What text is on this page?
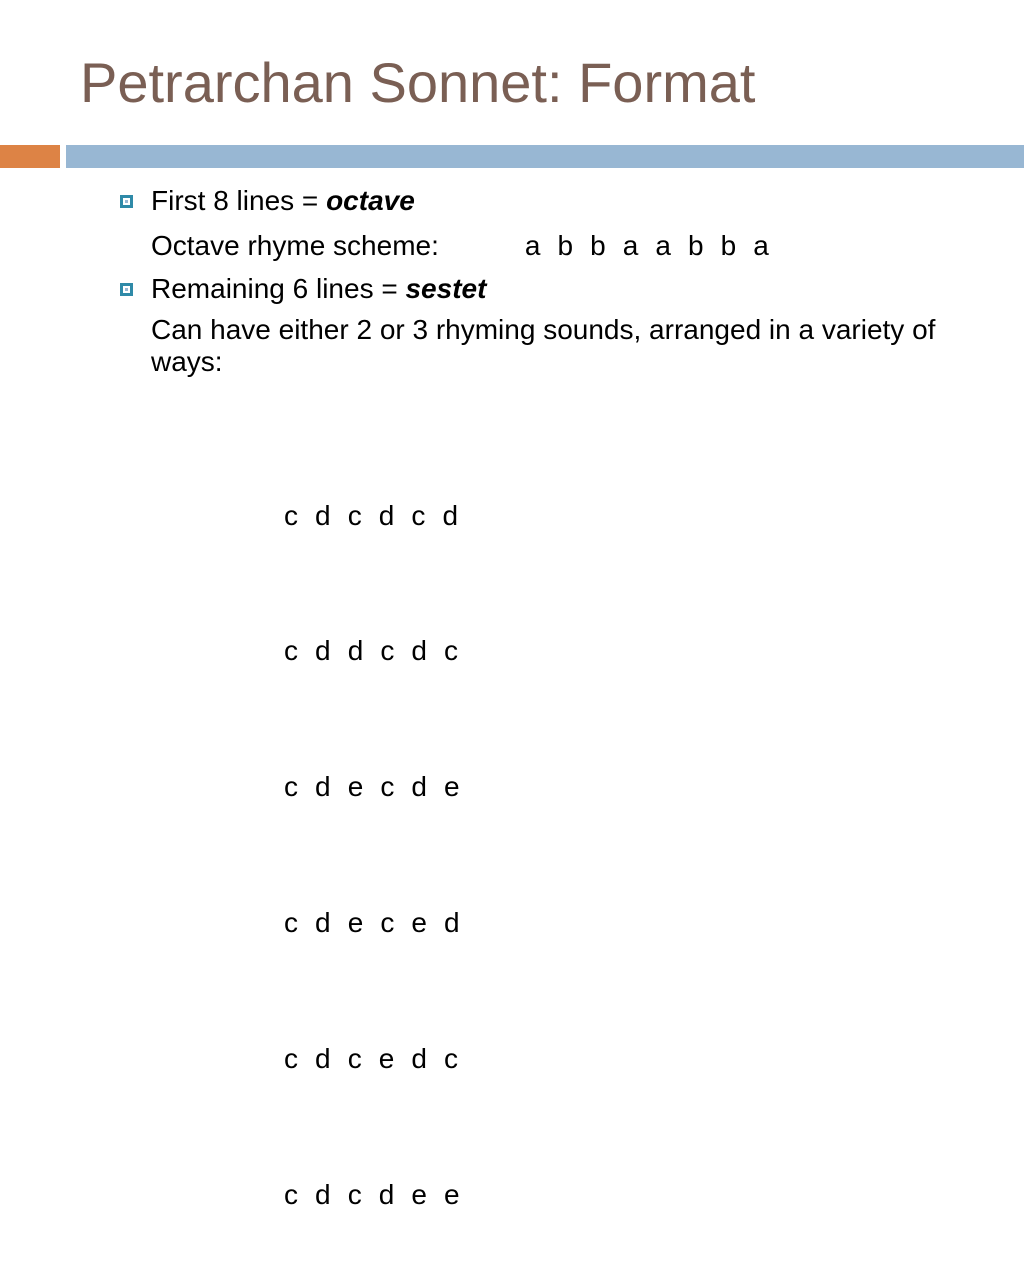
Petrarchan Sonnet: Format
First 8 lines = octave
Octave rhyme scheme:	a  b  b  a  a  b  b  a
Remaining 6 lines = sestet
Can have either 2 or 3 rhyming sounds, arranged in a variety of ways:

c  d  c  d  c  d

c  d  d  c  d  c

c  d  e  c  d  e

c  d  e  c  e  d

c  d  c  e  d  c

c  d  c  d  e  e
